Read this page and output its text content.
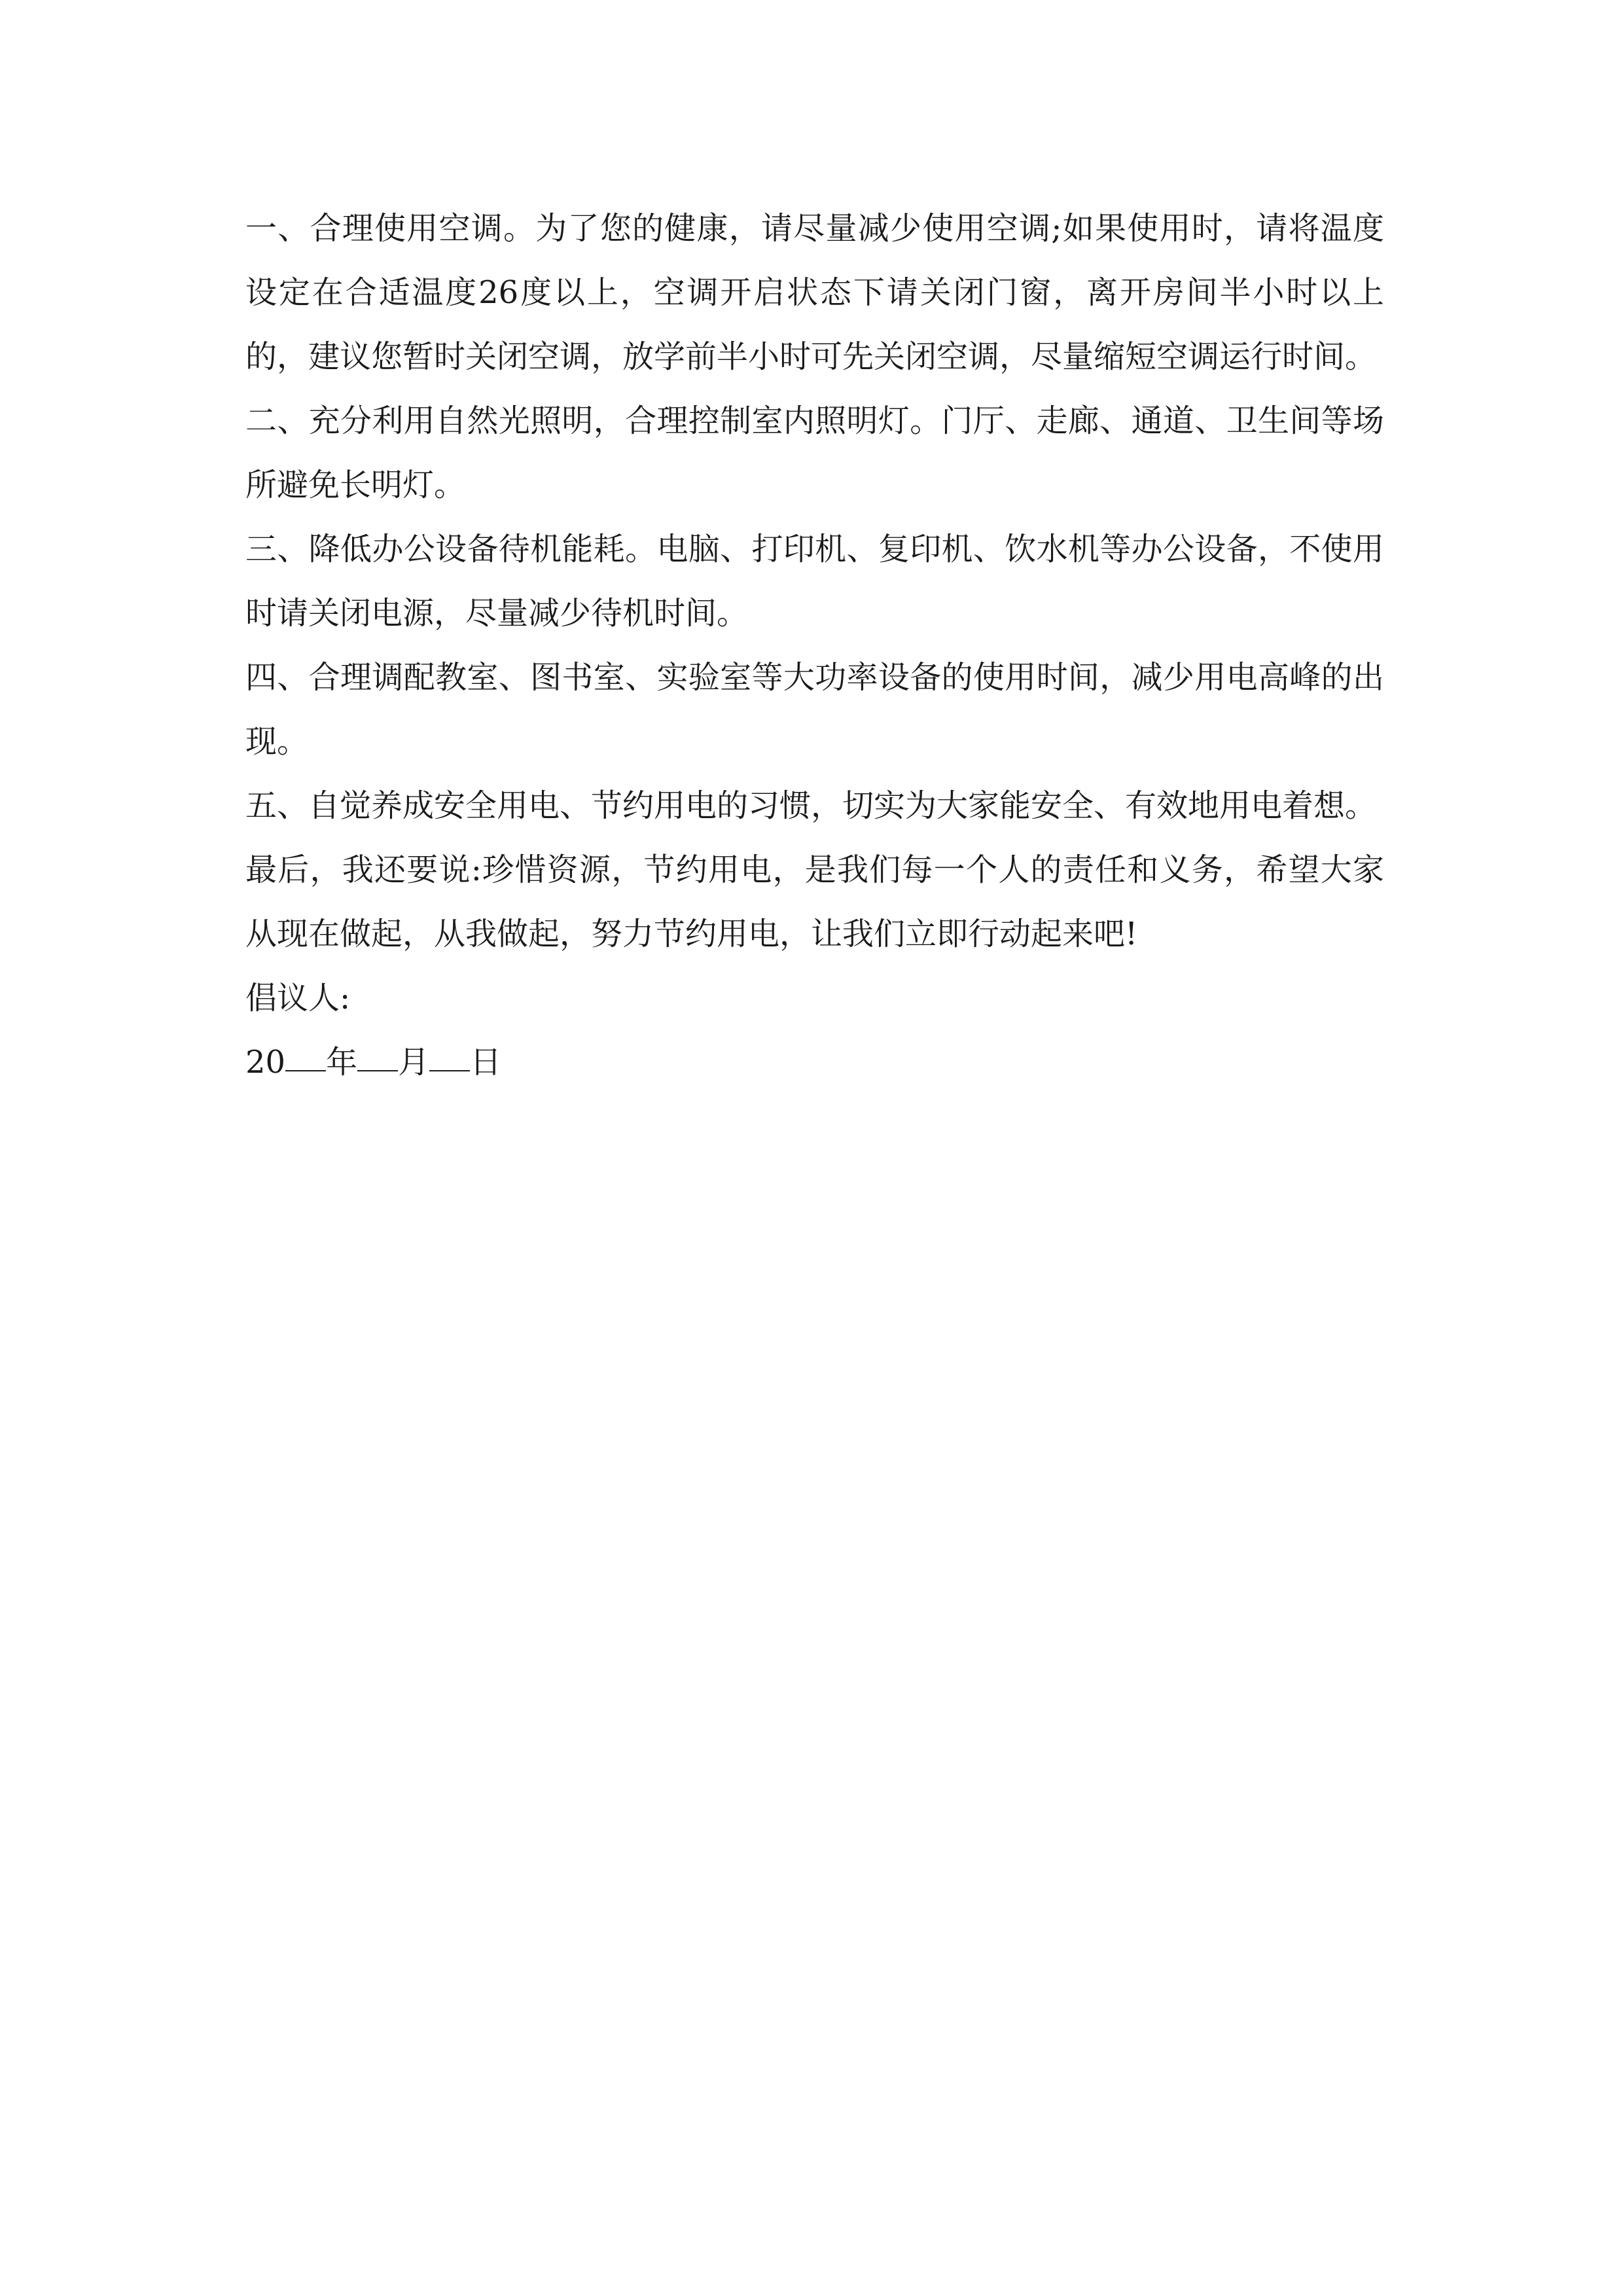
一、合理使用空调。为了您的健康，请尽量减少使用空调;如果使用时，请将温度设定在合适温度26度以上，空调开启状态下请关闭门窗，离开房间半小时以上的，建议您暂时关闭空调，放学前半小时可先关闭空调，尽量缩短空调运行时间。

二、充分利用自然光照明，合理控制室内照明灯。门厅、走廊、通道、卫生间等场所避免长明灯。

三、降低办公设备待机能耗。电脑、打印机、复印机、饮水机等办公设备，不使用时请关闭电源，尽量减少待机时间。

四、合理调配教室、图书室、实验室等大功率设备的使用时间，减少用电高峰的出现。

五、自觉养成安全用电、节约用电的习惯，切实为大家能安全、有效地用电着想。

最后，我还要说:珍惜资源，节约用电，是我们每一个人的责任和义务，希望大家从现在做起，从我做起，努力节约用电，让我们立即行动起来吧!

倡议人:

20 年 月 日
